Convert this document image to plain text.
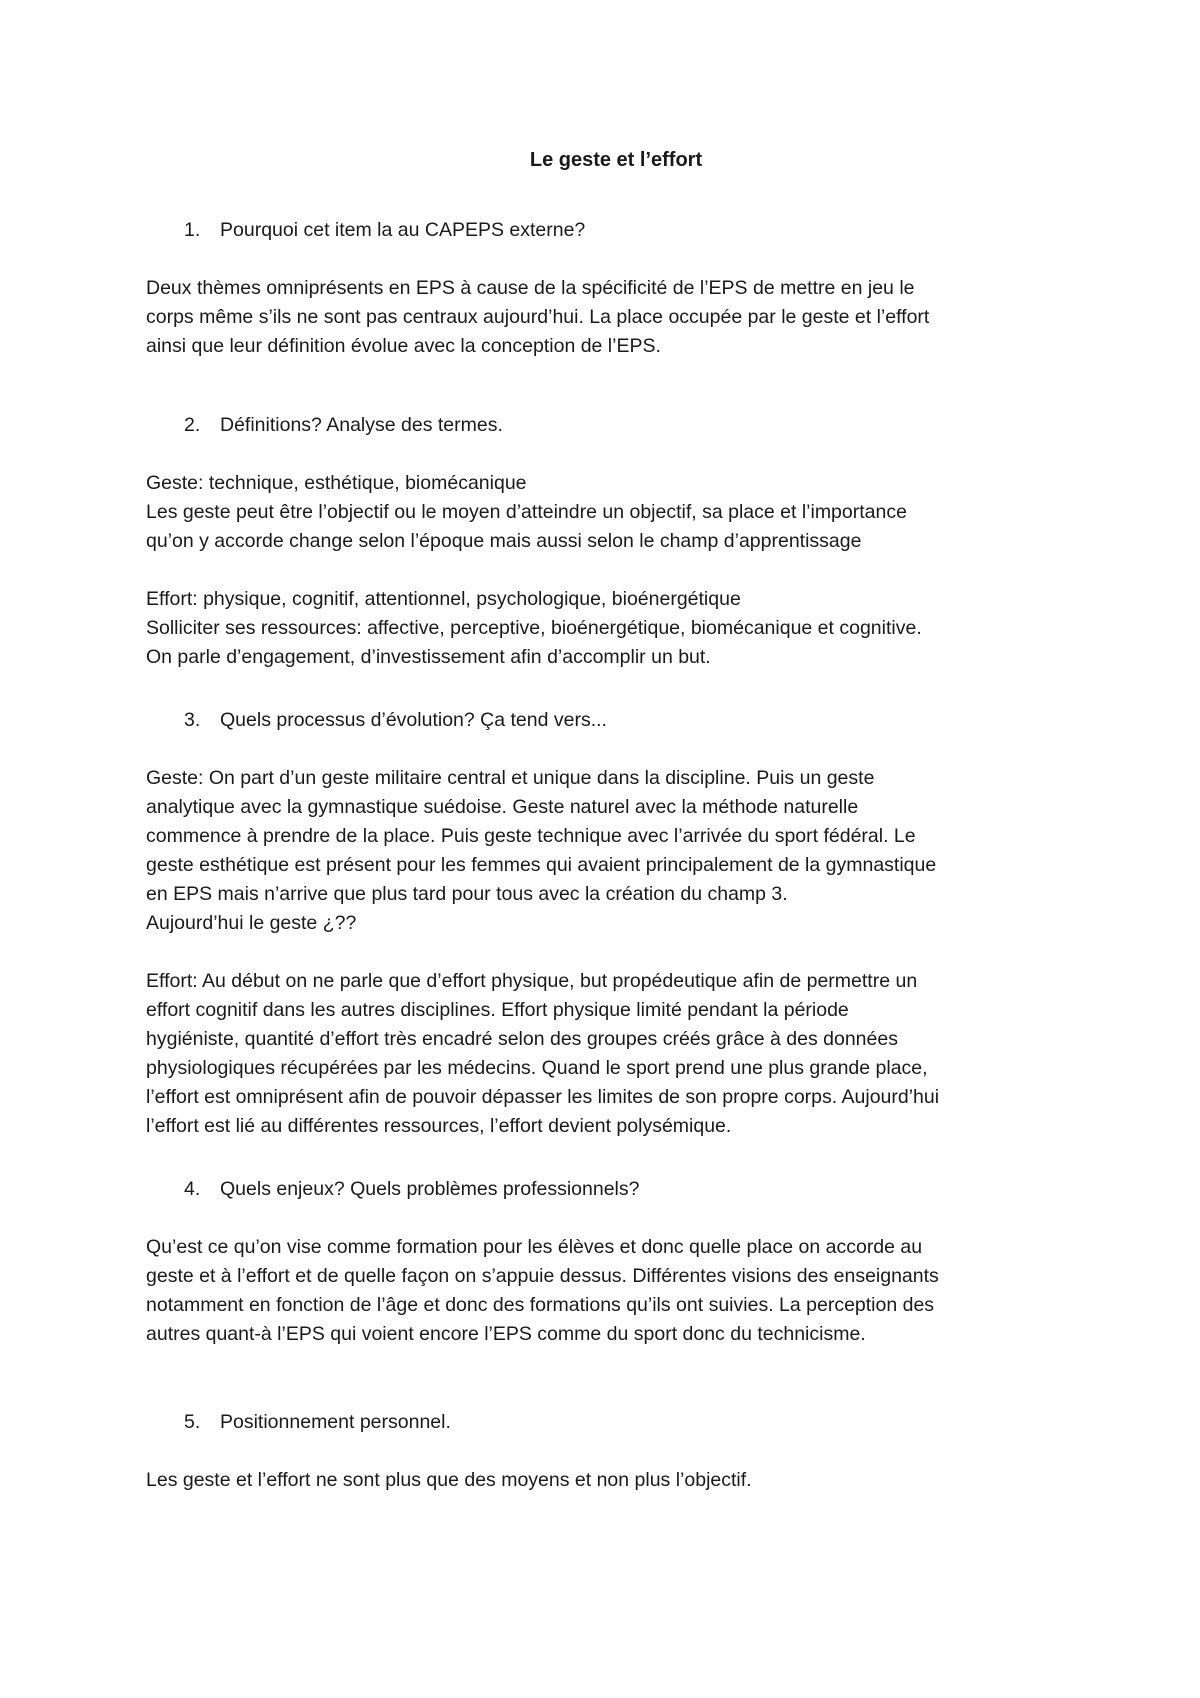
Le geste et l’effort
1. Pourquoi cet item la au CAPEPS externe?
Deux thèmes omniprésents en EPS à cause de la spécificité de l’EPS de mettre en jeu le
corps même s’ils ne sont pas centraux aujourd’hui. La place occupée par le geste et l’effort
ainsi que leur définition évolue avec la conception de l’EPS.
2. Définitions? Analyse des termes.
Geste: technique, esthétique, biomécanique
Les geste peut être l’objectif ou le moyen d’atteindre un objectif, sa place et l’importance
qu’on y accorde change selon l’époque mais aussi selon le champ d’apprentissage
Effort: physique, cognitif, attentionnel, psychologique, bioénergétique
Solliciter ses ressources: affective, perceptive, bioénergétique, biomécanique et cognitive.
On parle d’engagement, d’investissement afin d’accomplir un but.
3. Quels processus d’évolution? Ça tend vers...
Geste: On part d’un geste militaire central et unique dans la discipline. Puis un geste
analytique avec la gymnastique suédoise. Geste naturel avec la méthode naturelle
commence à prendre de la place. Puis geste technique avec l’arrivée du sport fédéral. Le
geste esthétique est présent pour les femmes qui avaient principalement de la gymnastique
en EPS mais n’arrive que plus tard pour tous avec la création du champ 3.
Aujourd’hui le geste ¿??
Effort: Au début on ne parle que d’effort physique, but propédeutique afin de permettre un
effort cognitif dans les autres disciplines. Effort physique limité pendant la période
hygiéniste, quantité d’effort très encadré selon des groupes créés grâce à des données
physiologiques récupérées par les médecins. Quand le sport prend une plus grande place,
l’effort est omniprésent afin de pouvoir dépasser les limites de son propre corps. Aujourd’hui
l’effort est lié au différentes ressources, l’effort devient polysémique.
4. Quels enjeux? Quels problèmes professionnels?
Qu’est ce qu’on vise comme formation pour les élèves et donc quelle place on accorde au
geste et à l’effort et de quelle façon on s’appuie dessus. Différentes visions des enseignants
notamment en fonction de l’âge et donc des formations qu’ils ont suivies. La perception des
autres quant-à l’EPS qui voient encore l’EPS comme du sport donc du technicisme.
5. Positionnement personnel.
Les geste et l’effort ne sont plus que des moyens et non plus l’objectif.
